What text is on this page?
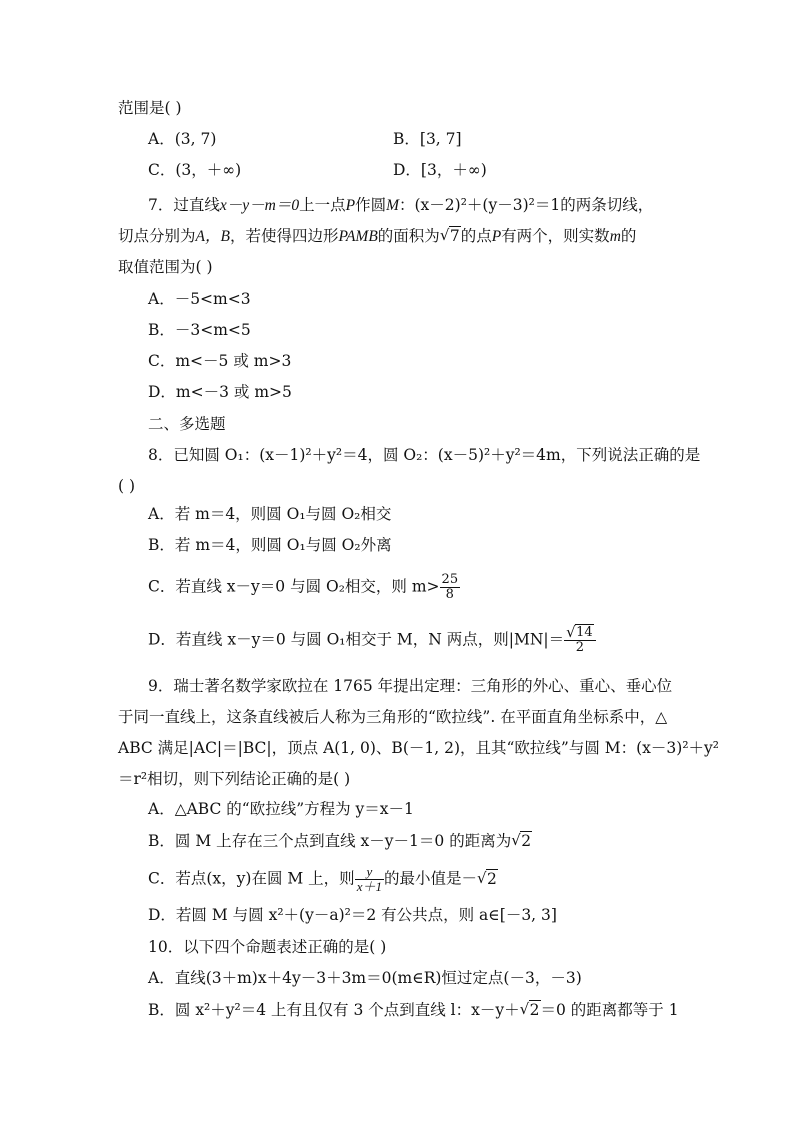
范围是( )
A．(3, 7)	B．[3, 7]
C．(3，＋∞)	D．[3，＋∞)
7．过直线x－y－m＝0上一点P作圆M：(x－2)²＋(y－3)²＝1的两条切线，
切点分别为A，B，若使得四边形PAMB的面积为 √ 7的点P有两个，则实数m的
取值范围为( )
A．－5<m<3
B．－3<m<5
C．m<－5 或 m>3
D．m<－3 或 m>5
二、多选题
8．已知圆 O₁：(x－1)²＋y²＝4，圆 O₂：(x－5)²＋y²＝4m，下列说法正确的是
( )
A．若 m＝4，则圆 O₁与圆 O₂相交
B．若 m＝4，则圆 O₁与圆 O₂外离
C．若直线 x－y＝0 与圆 O₂相交，则 $m> \frac{25}{8}$
D．若直线 x－y＝0 与圆 O₁相交于 M，N 两点，则|MN|＝ √ $\frac{14}{2}$
9．瑞士著名数学家欧拉在 1765 年提出定理：三角形的外心、重心、垂心位
于同一直线上，这条直线被后人称为三角形的“欧拉线”. 在平面直角坐标系中，△
ABC 满足|AC|＝|BC|，顶点 A(1, 0)、B(－1, 2)，且其“欧拉线”与圆 M：(x－3)²＋y²
＝r²相切，则下列结论正确的是( )
A．△ABC 的“欧拉线”方程为 y＝x－1
B．圆 M 上存在三个点到直线 x－y－1＝0 的距离为 √ 2
C．若点(x，y)在圆 M 上，则 $\frac{y}{x+1}$ 的最小值是－ √ 2
D．若圆 M 与圆 x²＋(y－a)²＝2 有公共点，则 a∈[－3, 3]
10．以下四个命题表述正确的是( )
A．直线(3＋m)x＋4y－3＋3m＝0(m∈R)恒过定点(－3，－3)
B．圆 x²＋y²＝4 上有且仅有 3 个点到直线 l：x－y＋ √ 2＝0 的距离都等于 1
